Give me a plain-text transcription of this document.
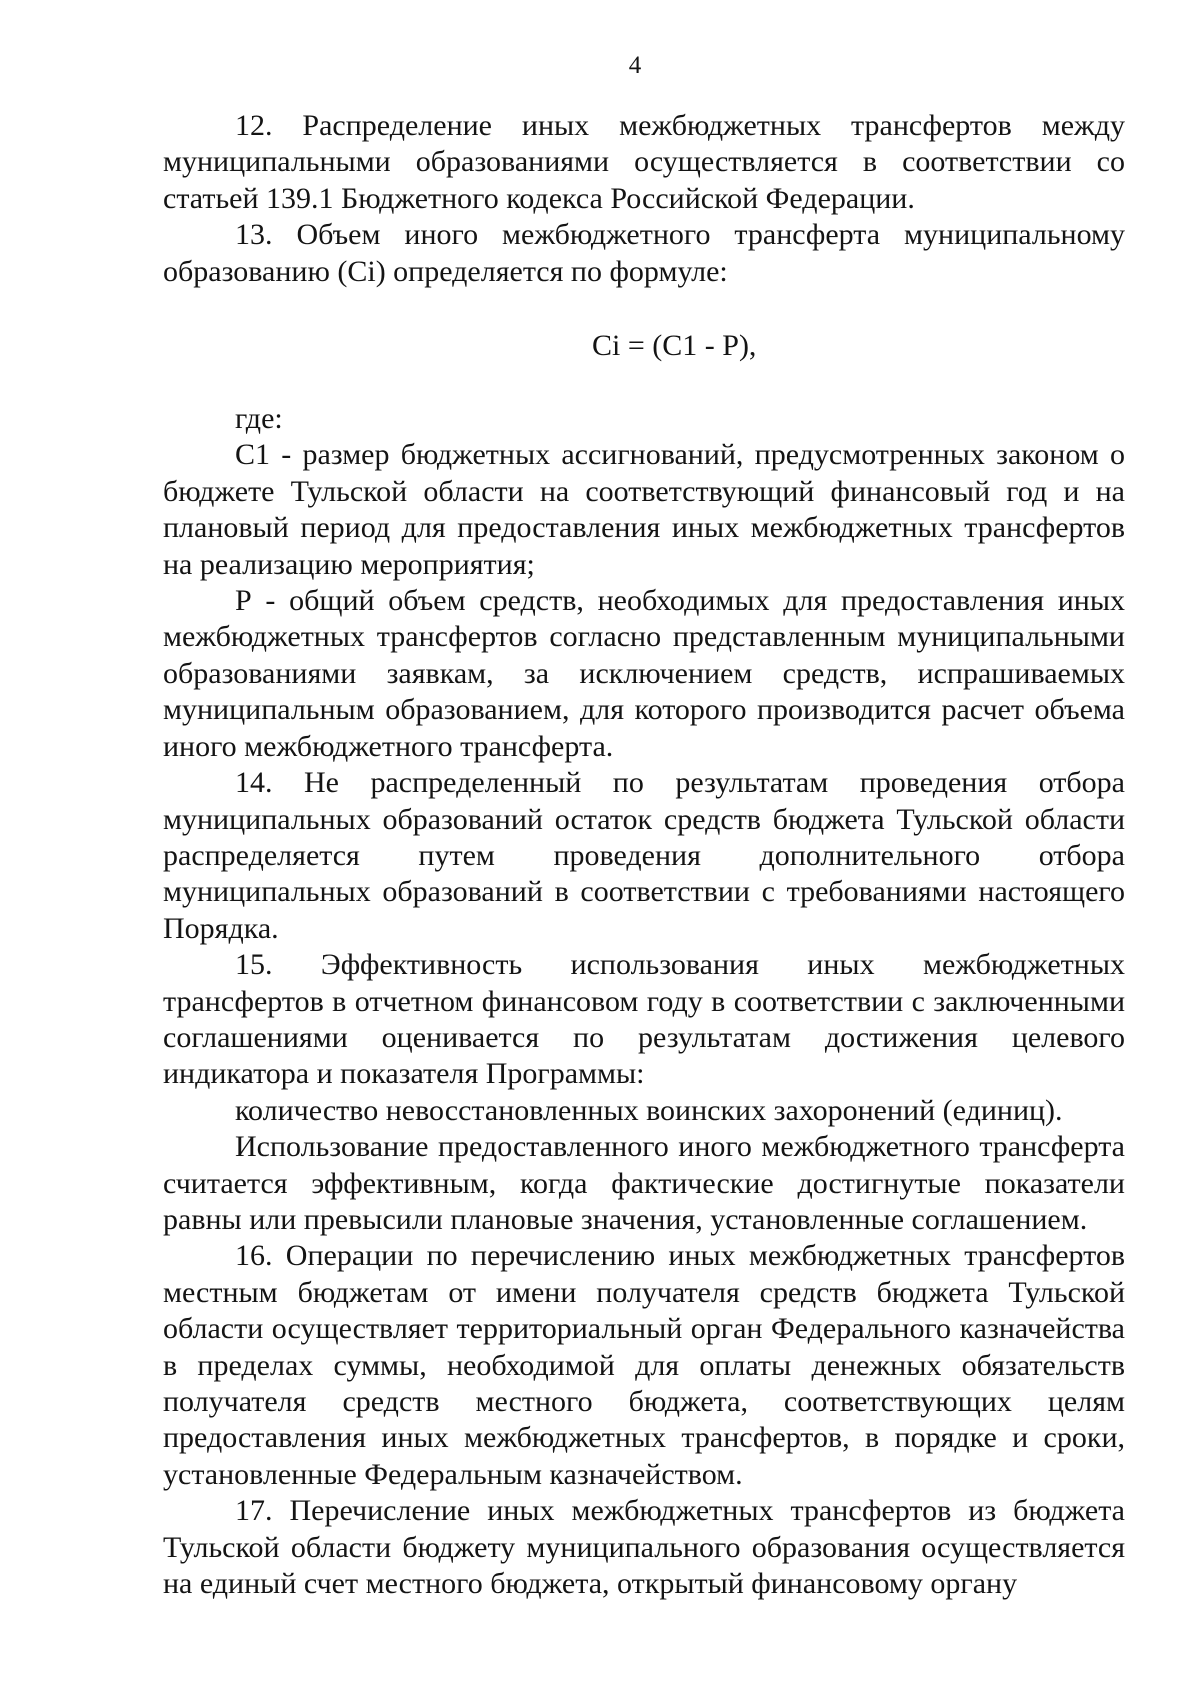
4

12. Распределение иных межбюджетных трансфертов между муниципальными образованиями осуществляется в соответствии со статьей 139.1 Бюджетного кодекса Российской Федерации.

13. Объем иного межбюджетного трансферта муниципальному образованию (Ci) определяется по формуле:

Ci = (C1 - P),

где:

С1 - размер бюджетных ассигнований, предусмотренных законом о бюджете Тульской области на соответствующий финансовый год и на плановый период для предоставления иных межбюджетных трансфертов на реализацию мероприятия;

Р - общий объем средств, необходимых для предоставления иных межбюджетных трансфертов согласно представленным муниципальными образованиями заявкам, за исключением средств, испрашиваемых муниципальным образованием, для которого производится расчет объема иного межбюджетного трансферта.

14. Не распределенный по результатам проведения отбора муниципальных образований остаток средств бюджета Тульской области распределяется путем проведения дополнительного отбора муниципальных образований в соответствии с требованиями настоящего Порядка.

15. Эффективность использования иных межбюджетных трансфертов в отчетном финансовом году в соответствии с заключенными соглашениями оценивается по результатам достижения целевого индикатора и показателя Программы:

количество невосстановленных воинских захоронений (единиц).

Использование предоставленного иного межбюджетного трансферта считается эффективным, когда фактические достигнутые показатели равны или превысили плановые значения, установленные соглашением.

16. Операции по перечислению иных межбюджетных трансфертов местным бюджетам от имени получателя средств бюджета Тульской области осуществляет территориальный орган Федерального казначейства в пределах суммы, необходимой для оплаты денежных обязательств получателя средств местного бюджета, соответствующих целям предоставления иных межбюджетных трансфертов, в порядке и сроки, установленные Федеральным казначейством.

17. Перечисление иных межбюджетных трансфертов из бюджета Тульской области бюджету муниципального образования осуществляется на единый счет местного бюджета, открытый финансовому органу
